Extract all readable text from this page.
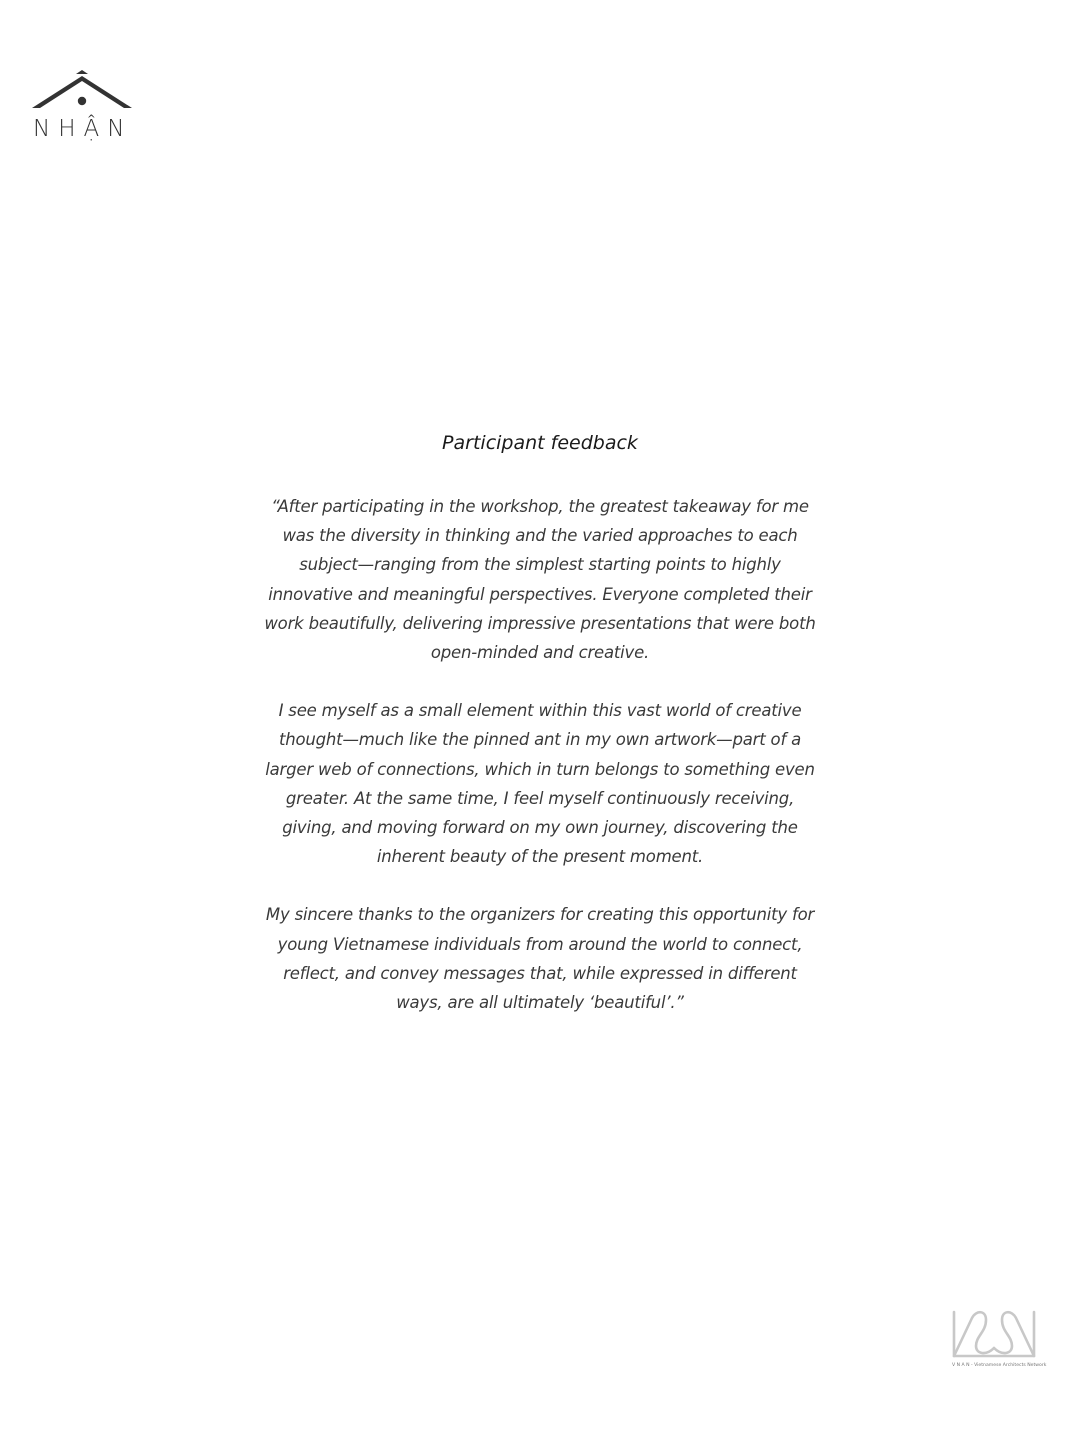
NHẬN
Participant feedback

“After participating in the workshop, the greatest takeaway for me was the diversity in thinking and the varied approaches to each subject—ranging from the simplest starting points to highly innovative and meaningful perspectives. Everyone completed their work beautifully, delivering impressive presentations that were both open-minded and creative.

I see myself as a small element within this vast world of creative thought—much like the pinned ant in my own artwork—part of a larger web of connections, which in turn belongs to something even greater. At the same time, I feel myself continuously receiving, giving, and moving forward on my own journey, discovering the inherent beauty of the present moment.

My sincere thanks to the organizers for creating this opportunity for young Vietnamese individuals from around the world to connect, reflect, and convey messages that, while expressed in different ways, are all ultimately ‘beautiful’.”

V N A N - Vietnamese Architects Network
